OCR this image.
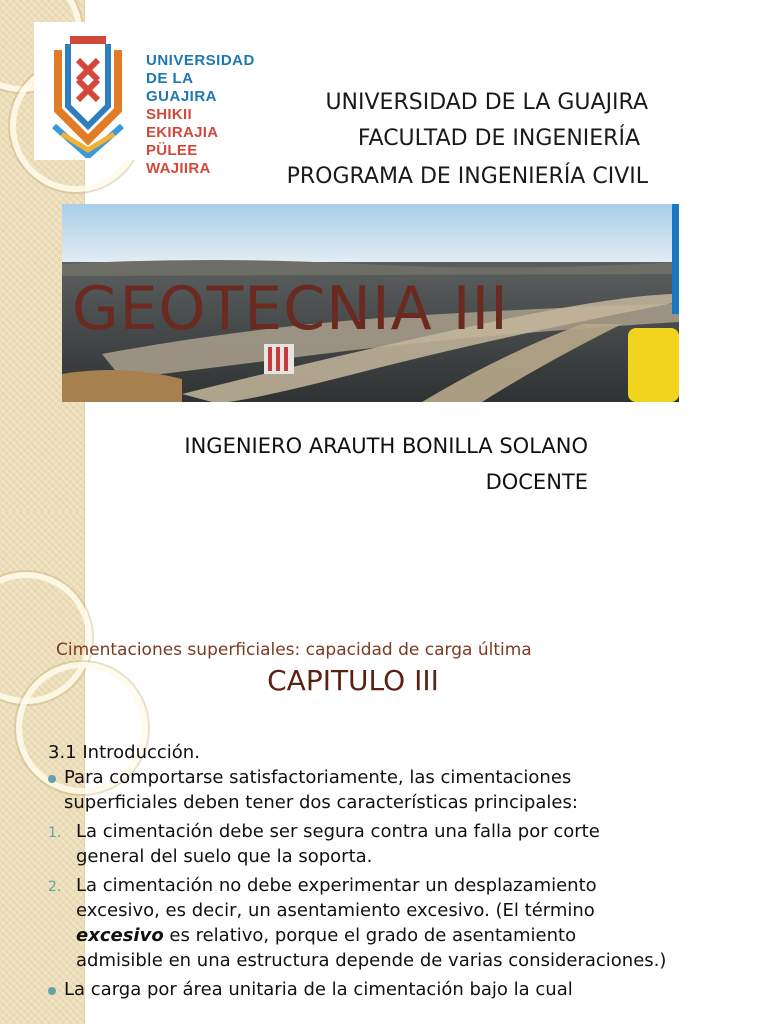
UNIVERSIDAD
DE LA GUAJIRA
SHIKII EKIRAJIA
PÜLEE WAJIIRA
UNIVERSIDAD DE LA GUAJIRA
FACULTAD DE INGENIERÍA
PROGRAMA DE INGENIERÍA CIVIL
GEOTECNIA III
INGENIERO ARAUTH BONILLA SOLANO
DOCENTE
Cimentaciones superficiales: capacidad de carga última
CAPITULO III
3.1 Introducción.
Para comportarse satisfactoriamente, las cimentaciones superficiales deben tener dos características principales:
1. La cimentación debe ser segura contra una falla por corte general del suelo que la soporta.
2. La cimentación no debe experimentar un desplazamiento excesivo, es decir, un asentamiento excesivo. (El término excesivo es relativo, porque el grado de asentamiento admisible en una estructura depende de varias consideraciones.)
La carga por área unitaria de la cimentación bajo la cual
